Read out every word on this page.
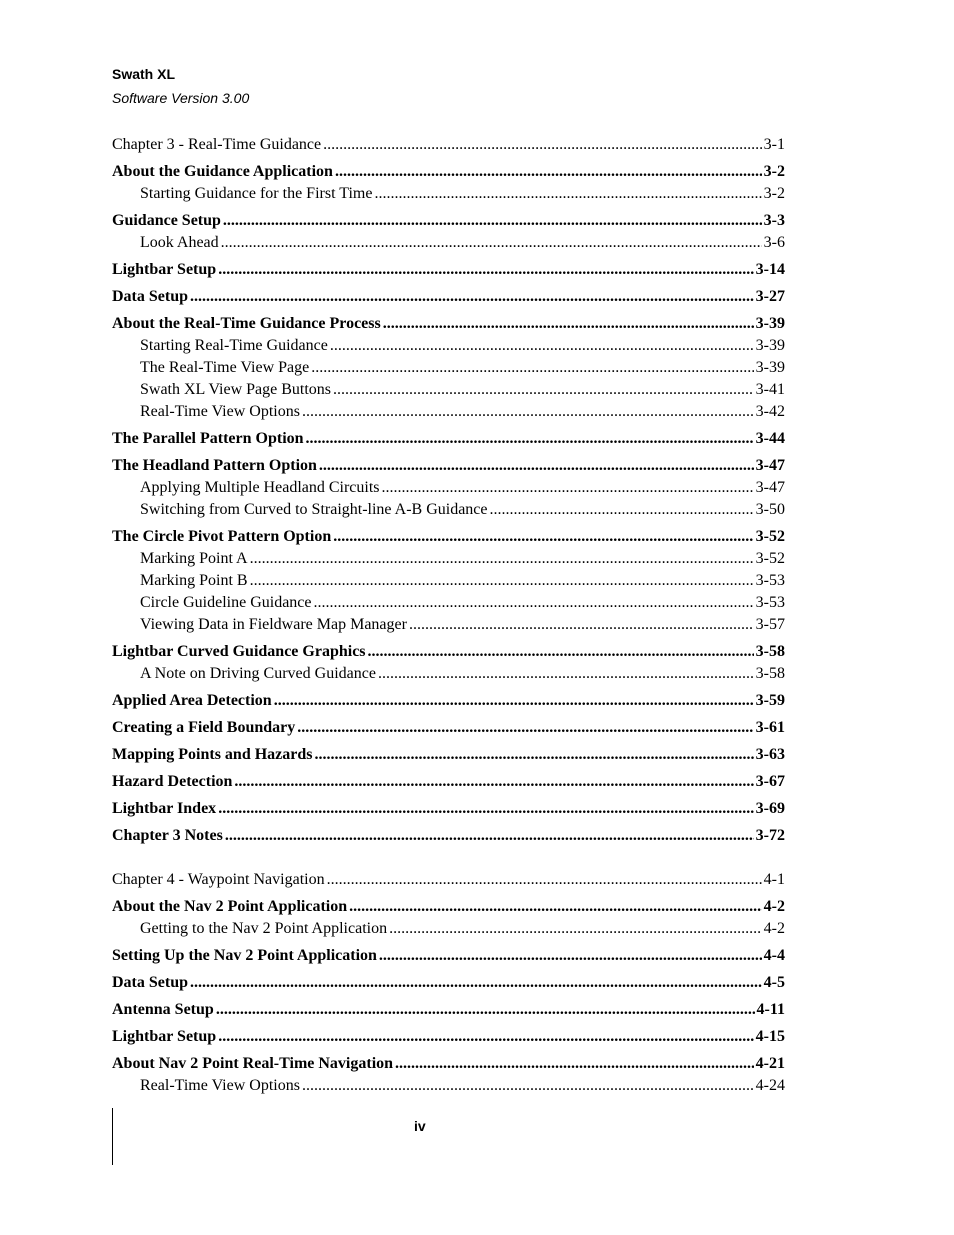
Swath XL
Software Version 3.00
Chapter 3 - Real-Time Guidance .....	3-1
About the Guidance Application .....	3-2
Starting Guidance for the First Time .....	3-2
Guidance Setup .....	3-3
Look Ahead .....	3-6
Lightbar Setup .....	3-14
Data Setup .....	3-27
About the Real-Time Guidance Process .....	3-39
Starting Real-Time Guidance .....	3-39
The Real-Time View Page .....	3-39
Swath XL View Page Buttons .....	3-41
Real-Time View Options .....	3-42
The Parallel Pattern Option .....	3-44
The Headland Pattern Option .....	3-47
Applying Multiple Headland Circuits .....	3-47
Switching from Curved to Straight-line A-B Guidance .....	3-50
The Circle Pivot Pattern Option .....	3-52
Marking Point A .....	3-52
Marking Point B .....	3-53
Circle Guideline Guidance .....	3-53
Viewing Data in Fieldware Map Manager .....	3-57
Lightbar Curved Guidance Graphics .....	3-58
A Note on Driving Curved Guidance .....	3-58
Applied Area Detection .....	3-59
Creating a Field Boundary .....	3-61
Mapping Points and Hazards .....	3-63
Hazard Detection .....	3-67
Lightbar Index .....	3-69
Chapter 3 Notes .....	3-72
Chapter 4 - Waypoint Navigation .....	4-1
About the Nav 2 Point Application .....	4-2
Getting to the Nav 2 Point Application .....	4-2
Setting Up the Nav 2 Point Application .....	4-4
Data Setup .....	4-5
Antenna Setup .....	4-11
Lightbar Setup .....	4-15
About Nav 2 Point Real-Time Navigation .....	4-21
Real-Time View Options .....	4-24
iv
